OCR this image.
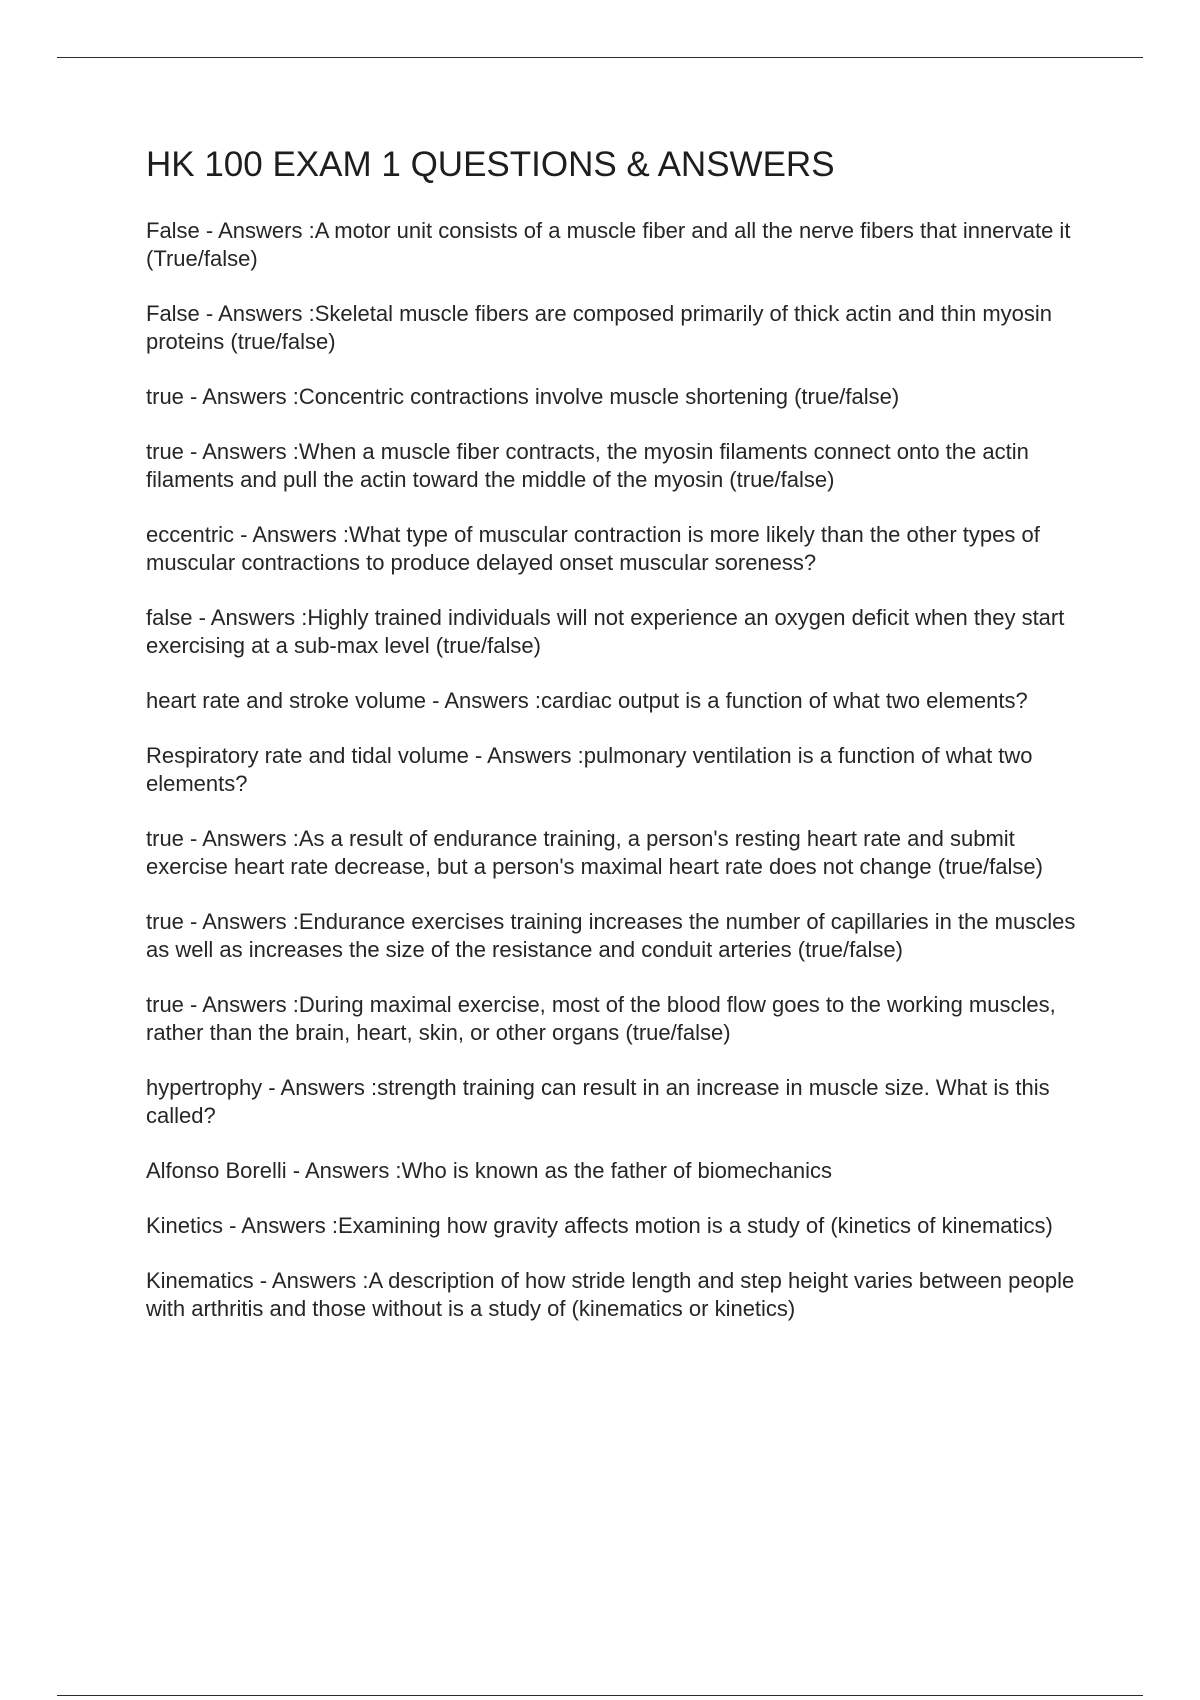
HK 100 EXAM 1 QUESTIONS & ANSWERS

False - Answers :A motor unit consists of a muscle fiber and all the nerve fibers that innervate it (True/false)

False - Answers :Skeletal muscle fibers are composed primarily of thick actin and thin myosin proteins (true/false)

true - Answers :Concentric contractions involve muscle shortening (true/false)

true - Answers :When a muscle fiber contracts, the myosin filaments connect onto the actin filaments and pull the actin toward the middle of the myosin (true/false)

eccentric - Answers :What type of muscular contraction is more likely than the other types of muscular contractions to produce delayed onset muscular soreness?

false - Answers :Highly trained individuals will not experience an oxygen deficit when they start exercising at a sub-max level (true/false)

heart rate and stroke volume - Answers :cardiac output is a function of what two elements?

Respiratory rate and tidal volume - Answers :pulmonary ventilation is a function of what two elements?

true - Answers :As a result of endurance training, a person's resting heart rate and submit exercise heart rate decrease, but a person's maximal heart rate does not change (true/false)

true - Answers :Endurance exercises training increases the number of capillaries in the muscles as well as increases the size of the resistance and conduit arteries (true/false)

true - Answers :During maximal exercise, most of the blood flow goes to the working muscles, rather than the brain, heart, skin, or other organs (true/false)

hypertrophy - Answers :strength training can result in an increase in muscle size. What is this called?

Alfonso Borelli - Answers :Who is known as the father of biomechanics

Kinetics - Answers :Examining how gravity affects motion is a study of (kinetics of kinematics)

Kinematics - Answers :A description of how stride length and step height varies between people with arthritis and those without is a study of (kinematics or kinetics)
